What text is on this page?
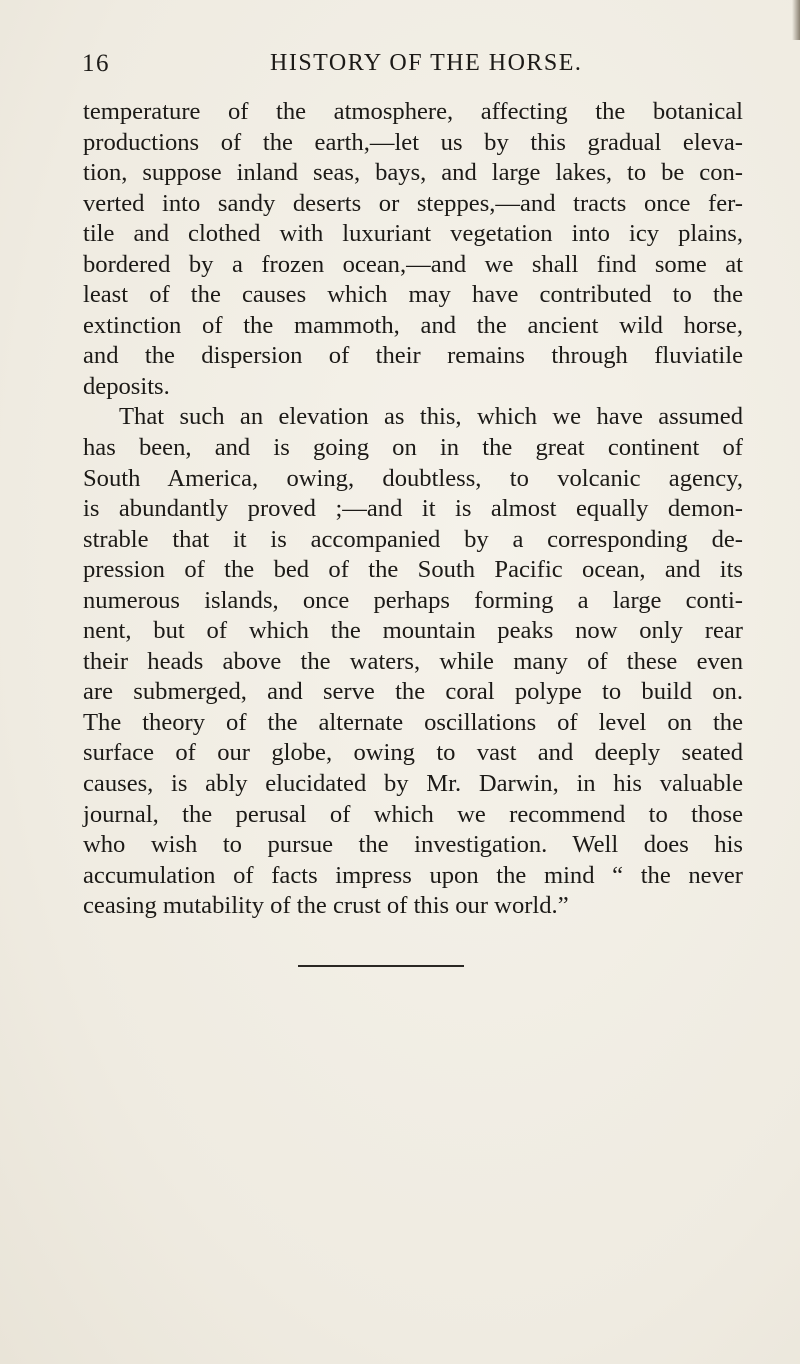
16	HISTORY OF THE HORSE.
temperature of the atmosphere, affecting the botanical
productions of the earth,—let us by this gradual eleva-
tion, suppose inland seas, bays, and large lakes, to be con-
verted into sandy deserts or steppes,—and tracts once fer-
tile and clothed with luxuriant vegetation into icy plains,
bordered by a frozen ocean,—and we shall find some at
least of the causes which may have contributed to the
extinction of the mammoth, and the ancient wild horse,
and the dispersion of their remains through fluviatile
deposits.
That such an elevation as this, which we have assumed
has been, and is going on in the great continent of
South America, owing, doubtless, to volcanic agency,
is abundantly proved ;—and it is almost equally demon-
strable that it is accompanied by a corresponding de-
pression of the bed of the South Pacific ocean, and its
numerous islands, once perhaps forming a large conti-
nent, but of which the mountain peaks now only rear
their heads above the waters, while many of these even
are submerged, and serve the coral polype to build on.
The theory of the alternate oscillations of level on the
surface of our globe, owing to vast and deeply seated
causes, is ably elucidated by Mr. Darwin, in his valuable
journal, the perusal of which we recommend to those
who wish to pursue the investigation. Well does his
accumulation of facts impress upon the mind “ the never
ceasing mutability of the crust of this our world.”
